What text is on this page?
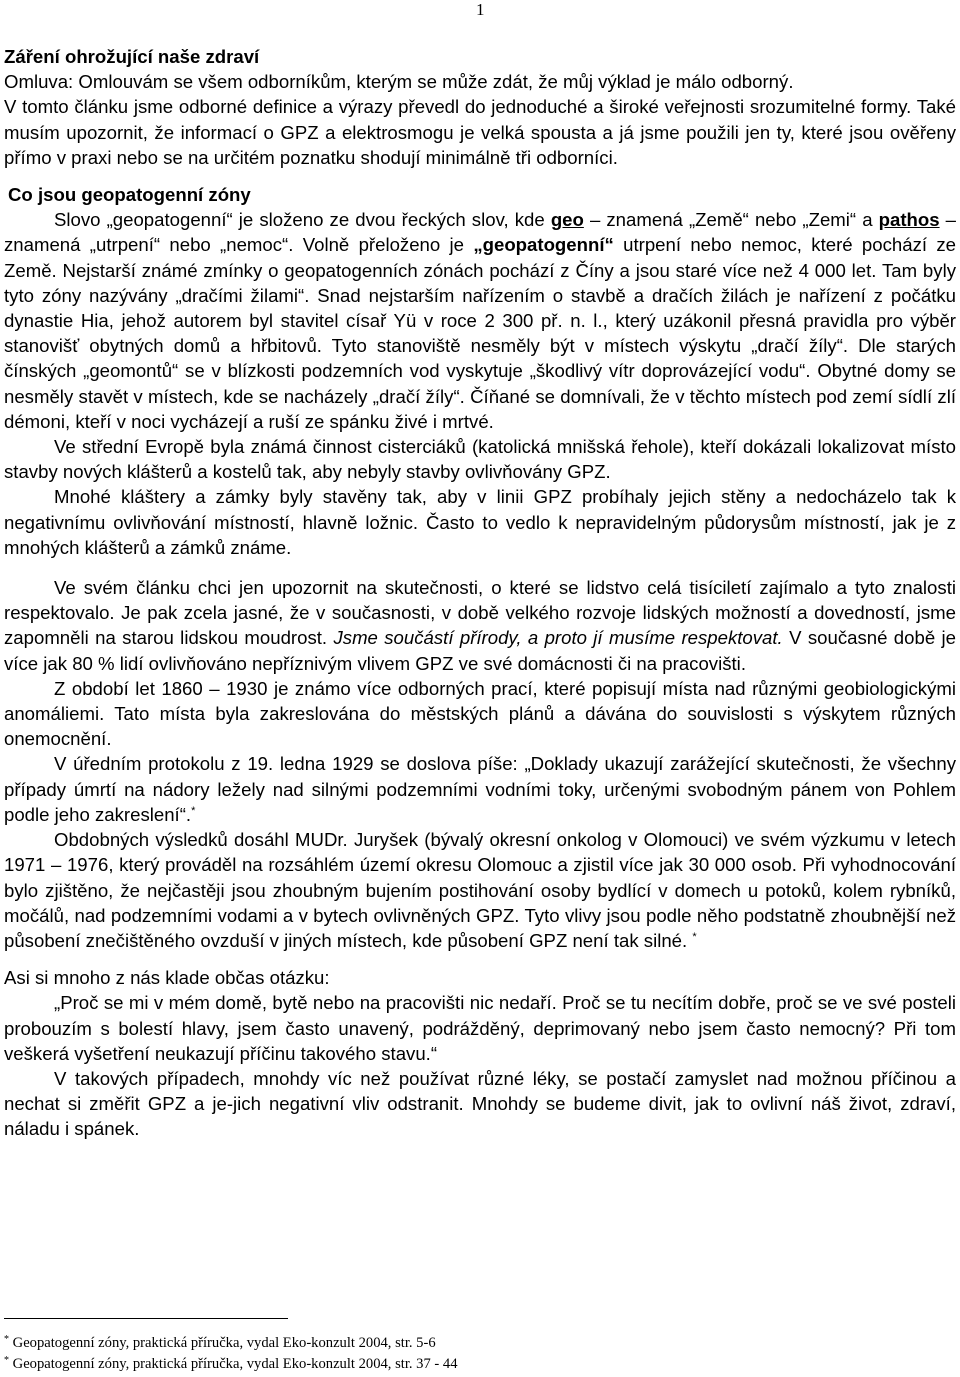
1

Záření ohrožující naše zdraví

Omluva: Omlouvám se všem odborníkům, kterým se může zdát, že můj výklad je málo odborný.

V tomto článku jsme odborné definice a výrazy převedl do jednoduché a široké veřejnosti srozumitelné formy. Také musím upozornit, že informací o GPZ a elektrosmogu je velká spousta a já jsme použili jen ty, které jsou ověřeny přímo v praxi nebo se na určitém poznatku shodují minimálně tři odborníci.

Co jsou geopatogenní zóny

Slovo „geopatogenní“ je složeno ze dvou řeckých slov, kde geo – znamená „Země“ nebo „Zemi“ a pathos – znamená „utrpení“ nebo „nemoc“. Volně přeloženo je „geopatogenní“ utrpení nebo nemoc, které pochází ze Země. Nejstarší známé zmínky o geopatogenních zónách pochází z Číny a jsou staré více než 4 000 let. Tam byly tyto zóny nazývány „dračími žilami“. Snad nejstarším nařízením o stavbě a dračích žilách je nařízení z počátku dynastie Hia, jehož autorem byl stavitel císař Yü v roce 2 300 př. n. l., který uzákonil přesná pravidla pro výběr stanovišť obytných domů a hřbitovů. Tyto stanoviště nesměly být v místech výskytu „dračí žíly“. Dle starých čínských „geomontů“ se v blízkosti podzemních vod vyskytuje „škodlivý vítr doprovázející vodu“. Obytné domy se nesměly stavět v místech, kde se nacházely „dračí žíly“. Číňané se domnívali, že v těchto místech pod zemí sídlí zlí démoni, kteří v noci vycházejí a ruší ze spánku živé i mrtvé.

Ve střední Evropě byla známá činnost cisterciáků (katolická mnišská řehole), kteří dokázali lokalizovat místo stavby nových klášterů a kostelů tak, aby nebyly stavby ovlivňovány GPZ.

Mnohé kláštery a zámky byly stavěny tak, aby v linii GPZ probíhaly jejich stěny a nedocházelo tak k negativnímu ovlivňování místností, hlavně ložnic. Často to vedlo k nepravidelným půdorysům místností, jak je z mnohých klášterů a zámků známe.

Ve svém článku chci jen upozornit na skutečnosti, o které se lidstvo celá tisíciletí zajímalo a tyto znalosti respektovalo. Je pak zcela jasné, že v současnosti, v době velkého rozvoje lidských možností a dovedností, jsme zapomněli na starou lidskou moudrost. Jsme součástí přírody, a proto jí musíme respektovat. V současné době je více jak 80 % lidí ovlivňováno nepříznivým vlivem GPZ ve své domácnosti či na pracovišti.

Z období let 1860 – 1930 je známo více odborných prací, které popisují místa nad různými geobiologickými anomáliemi. Tato místa byla zakreslována do městských plánů a dávána do souvislosti s výskytem různých onemocnění.

V úředním protokolu z 19. ledna 1929 se doslova píše: „Doklady ukazují zarážející skutečnosti, že všechny případy úmrtí na nádory ležely nad silnými podzemními vodními toky, určenými svobodným pánem von Pohlem podle jeho zakreslení“.*

Obdobných výsledků dosáhl MUDr. Juryšek (bývalý okresní onkolog v Olomouci) ve svém výzkumu v letech 1971 – 1976, který prováděl na rozsáhlém území okresu Olomouc a zjistil více jak 30 000 osob. Při vyhodnocování bylo zjištěno, že nejčastěji jsou zhoubným bujením postihování osoby bydlící v domech u potoků, kolem rybníků, močálů, nad podzemními vodami a v bytech ovlivněných GPZ. Tyto vlivy jsou podle něho podstatně zhoubnější než působení znečištěného ovzduší v jiných místech, kde působení GPZ není tak silné. *

Asi si mnoho z nás klade občas otázku:

„Proč se mi v mém domě, bytě nebo na pracovišti nic nedaří. Proč se tu necítím dobře, proč se ve své posteli probouzím s bolestí hlavy, jsem často unavený, podrážděný, deprimovaný nebo jsem často nemocný? Při tom veškerá vyšetření neukazují příčinu takového stavu.“

V takových případech, mnohdy víc než používat různé léky, se postačí zamyslet nad možnou příčinou a nechat si změřit GPZ a je-jich negativní vliv odstranit. Mnohdy se budeme divit, jak to ovlivní náš život, zdraví, náladu i spánek.

* Geopatogenní zóny, praktická příručka, vydal Eko-konzult 2004, str. 5-6
* Geopatogenní zóny, praktická příručka, vydal Eko-konzult 2004, str. 37 - 44
